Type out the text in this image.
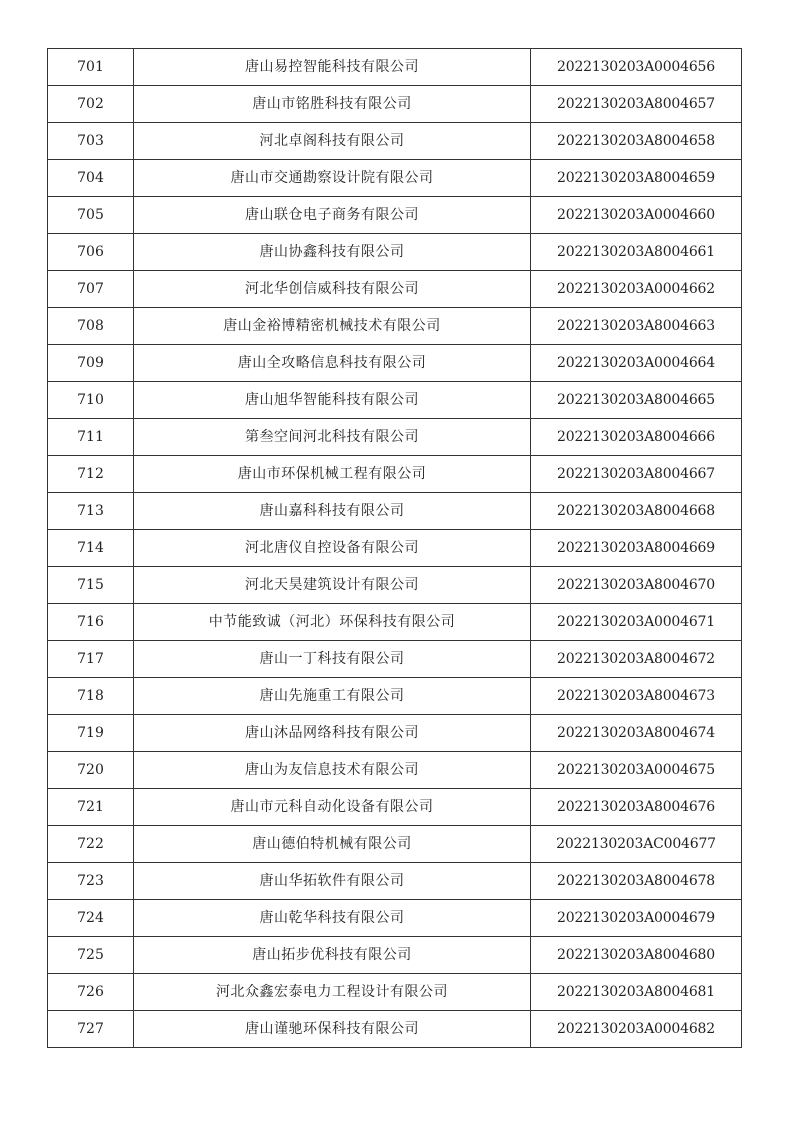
701	唐山易控智能科技有限公司	2022130203A0004656
702	唐山市铭胜科技有限公司	2022130203A8004657
703	河北卓阁科技有限公司	2022130203A8004658
704	唐山市交通勘察设计院有限公司	2022130203A8004659
705	唐山联仓电子商务有限公司	2022130203A0004660
706	唐山协鑫科技有限公司	2022130203A8004661
707	河北华创信威科技有限公司	2022130203A0004662
708	唐山金裕博精密机械技术有限公司	2022130203A8004663
709	唐山全攻略信息科技有限公司	2022130203A0004664
710	唐山旭华智能科技有限公司	2022130203A8004665
711	第叁空间河北科技有限公司	2022130203A8004666
712	唐山市环保机械工程有限公司	2022130203A8004667
713	唐山嘉科科技有限公司	2022130203A8004668
714	河北唐仪自控设备有限公司	2022130203A8004669
715	河北天昊建筑设计有限公司	2022130203A8004670
716	中节能致诚（河北）环保科技有限公司	2022130203A0004671
717	唐山一丁科技有限公司	2022130203A8004672
718	唐山先施重工有限公司	2022130203A8004673
719	唐山沐品网络科技有限公司	2022130203A8004674
720	唐山为友信息技术有限公司	2022130203A0004675
721	唐山市元科自动化设备有限公司	2022130203A8004676
722	唐山德伯特机械有限公司	2022130203AC004677
723	唐山华拓软件有限公司	2022130203A8004678
724	唐山乾华科技有限公司	2022130203A0004679
725	唐山拓步优科技有限公司	2022130203A8004680
726	河北众鑫宏泰电力工程设计有限公司	2022130203A8004681
727	唐山谨驰环保科技有限公司	2022130203A0004682
